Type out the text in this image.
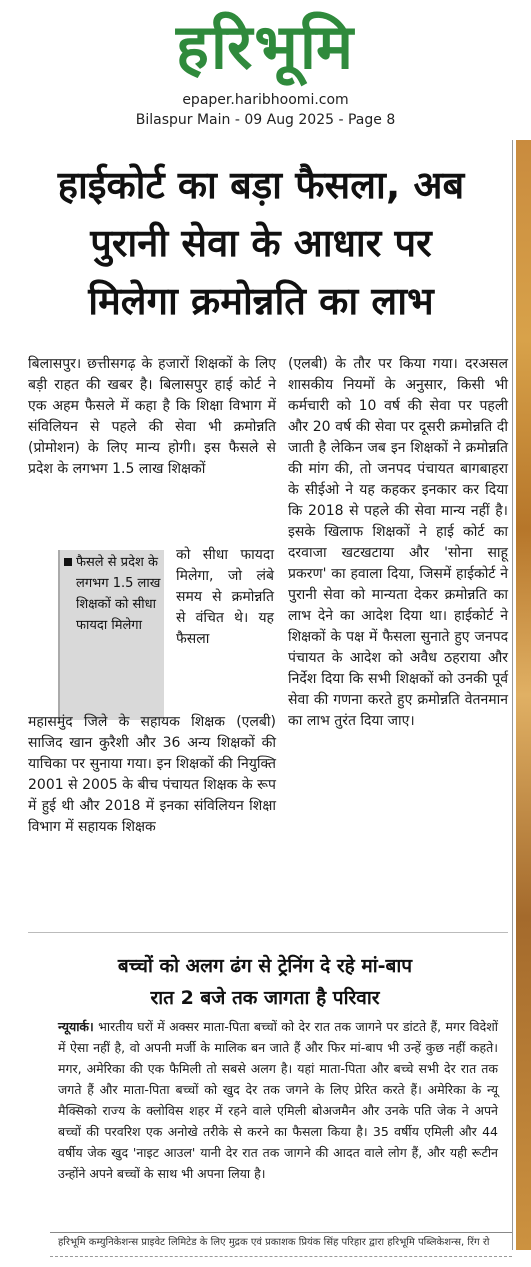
हरिभूमि
epaper.haribhoomi.com
Bilaspur Main - 09 Aug 2025 - Page 8
हाईकोर्ट का बड़ा फैसला, अब
पुरानी सेवा के आधार पर
मिलेगा क्रमोन्नति का लाभ
बिलासपुर। छत्तीसगढ़ के हजारों शिक्षकों के लिए बड़ी राहत की खबर है। बिलासपुर हाई कोर्ट ने एक अहम फैसले में कहा है कि शिक्षा विभाग में संविलियन से पहले की सेवा भी क्रमोन्नति (प्रोमोशन) के लिए मान्य होगी। इस फैसले से प्रदेश के लगभग 1.5 लाख शिक्षकों
फैसले से प्रदेश के लगभग 1.5 लाख शिक्षकों को सीधा फायदा मिलेगा
को सीधा फायदा मिलेगा, जो लंबे समय से क्रमोन्नति से वंचित थे। यह फैसला
महासमुंद जिले के सहायक शिक्षक (एलबी) साजिद खान कुरैशी और 36 अन्य शिक्षकों की याचिका पर सुनाया गया। इन शिक्षकों की नियुक्ति 2001 से 2005 के बीच पंचायत शिक्षक के रूप में हुई थी और 2018 में इनका संविलियन शिक्षा विभाग में सहायक शिक्षक
(एलबी) के तौर पर किया गया। दरअसल शासकीय नियमों के अनुसार, किसी भी कर्मचारी को 10 वर्ष की सेवा पर पहली और 20 वर्ष की सेवा पर दूसरी क्रमोन्नति दी जाती है लेकिन जब इन शिक्षकों ने क्रमोन्नति की मांग की, तो जनपद पंचायत बागबाहरा के सीईओ ने यह कहकर इनकार कर दिया कि 2018 से पहले की सेवा मान्य नहीं है। इसके खिलाफ शिक्षकों ने हाई कोर्ट का दरवाजा खटखटाया और 'सोना साहू प्रकरण' का हवाला दिया, जिसमें हाईकोर्ट ने पुरानी सेवा को मान्यता देकर क्रमोन्नति का लाभ देने का आदेश दिया था। हाईकोर्ट ने शिक्षकों के पक्ष में फैसला सुनाते हुए जनपद पंचायत के आदेश को अवैध ठहराया और निर्देश दिया कि सभी शिक्षकों को उनकी पूर्व सेवा की गणना करते हुए क्रमोन्नति वेतनमान का लाभ तुरंत दिया जाए।
बच्चों को अलग ढंग से ट्रेनिंग दे रहे मां-बाप
रात 2 बजे तक जागता है परिवार
न्यूयार्क। भारतीय घरों में अक्सर माता-पिता बच्चों को देर रात तक जागने पर डांटते हैं, मगर विदेशों में ऐसा नहीं है, वो अपनी मर्जी के मालिक बन जाते हैं और फिर मां-बाप भी उन्हें कुछ नहीं कहते। मगर, अमेरिका की एक फैमिली तो सबसे अलग है। यहां माता-पिता और बच्चे सभी देर रात तक जगते हैं और माता-पिता बच्चों को खुद देर तक जगने के लिए प्रेरित करते हैं। अमेरिका के न्यू मैक्सिको राज्य के क्लोविस शहर में रहने वाले एमिली बोअजमैन और उनके पति जेक ने अपने बच्चों की परवरिश एक अनोखे तरीके से करने का फैसला किया है। 35 वर्षीय एमिली और 44 वर्षीय जेक खुद 'नाइट आउल' यानी देर रात तक जागने की आदत वाले लोग हैं, और यही रूटीन उन्होंने अपने बच्चों के साथ भी अपना लिया है।
हरिभूमि कम्युनिकेशन्स प्राइवेट लिमिटेड के लिए मुद्रक एवं प्रकाशक प्रियंक सिंह परिहार द्वारा हरिभूमि पब्लिकेशन्स, रिंग रो
